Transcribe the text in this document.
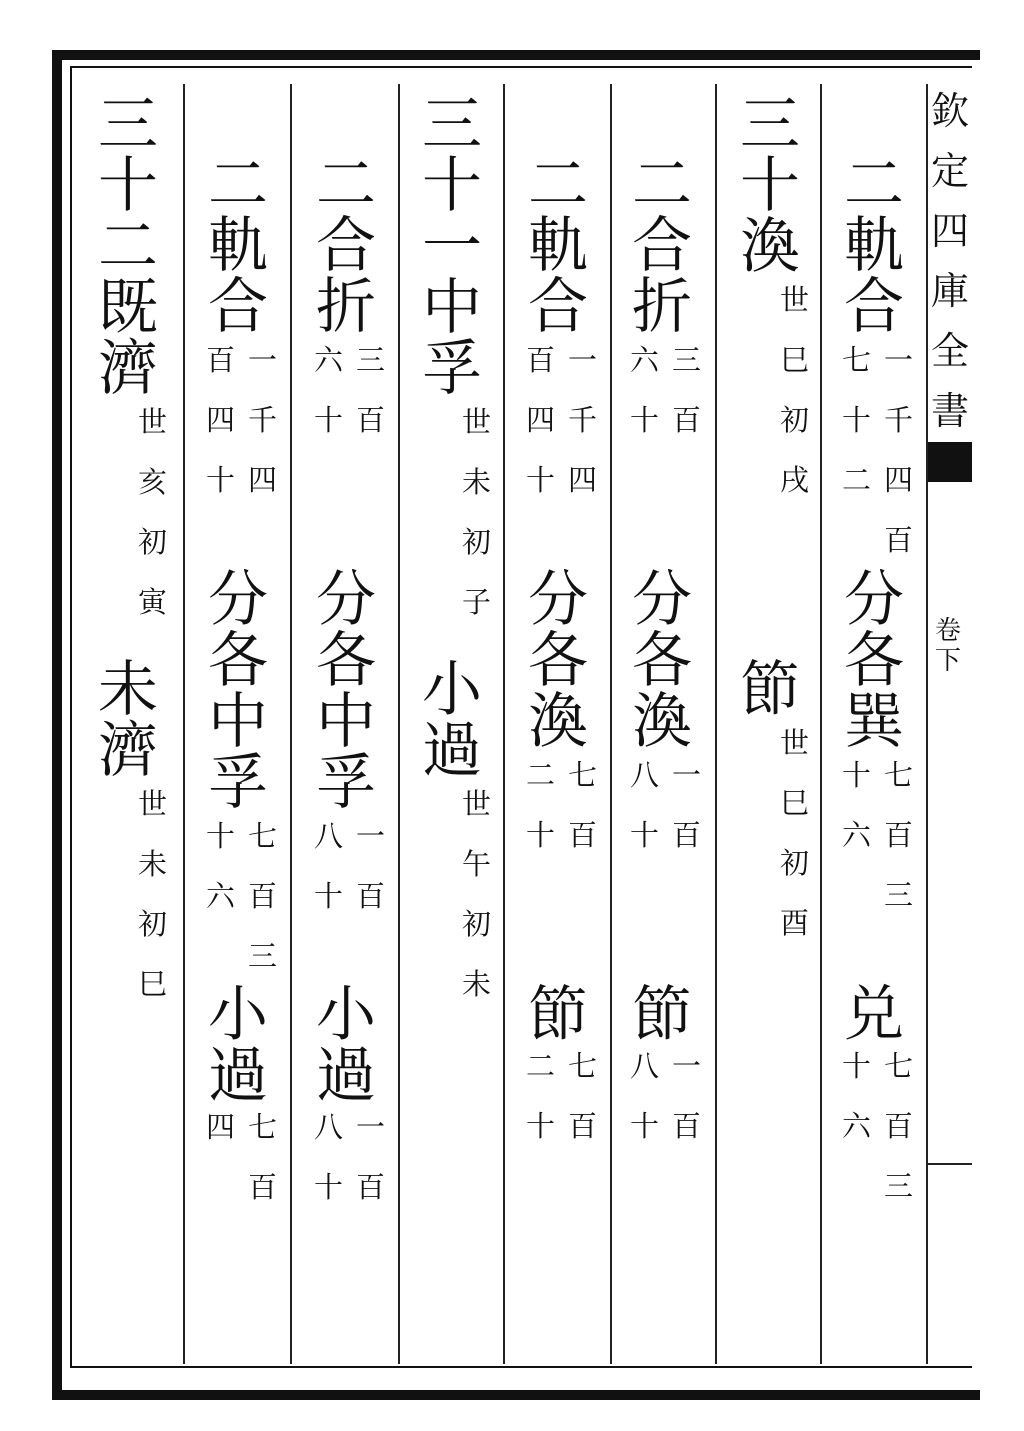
欽
定
四
庫
全
書
卷
下
二
軌
合
一
千
四
百
七
十
二
分
各
巽
七
百
三
十
六
兑
七
百
三
十
六
三
十
渙
世
巳
初
戌
節
世
巳
初
酉
二
合
折
三
百
六
十
分
各
渙
一
百
八
十
節
一
百
八
十
二
軌
合
一
千
四
百
四
十
分
各
渙
七
百
二
十
節
七
百
二
十
三
十
一
中
孚
世
未
初
子
小
過
世
午
初
未
二
合
折
三
百
六
十
分
各
中
孚
一
百
八
十
小
過
一
百
八
十
二
軌
合
一
千
四
百
四
十
分
各
中
孚
七
百
三
十
六
小
過
七
百
四
三
十
二
既
濟
世
亥
初
寅
未
濟
世
未
初
巳
